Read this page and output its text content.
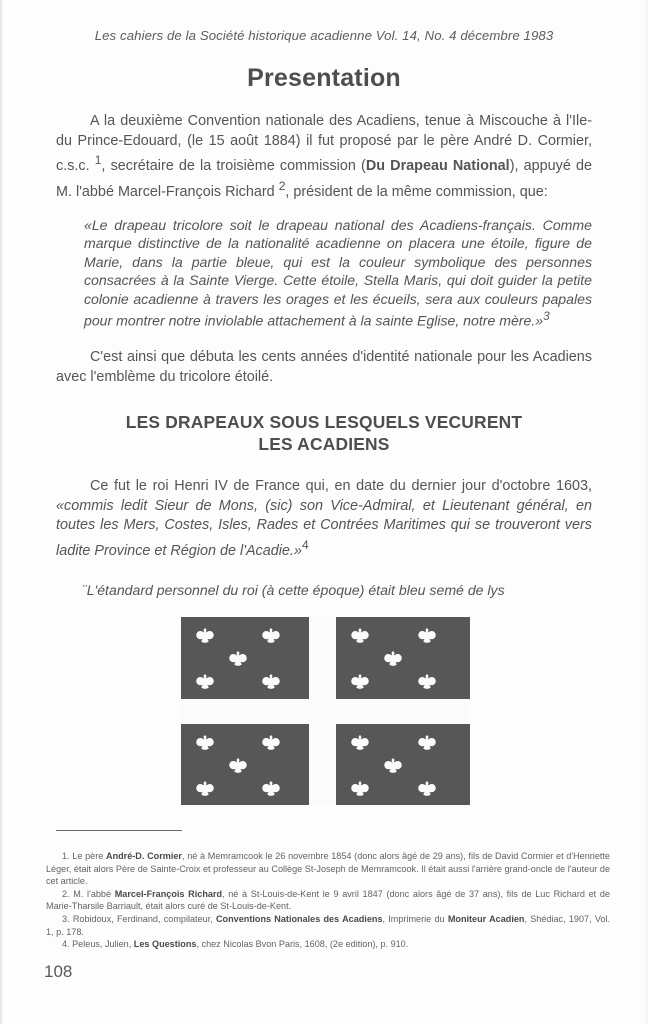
Les cahiers de la Société historique acadienne Vol. 14, No. 4 décembre 1983
Presentation

A la deuxième Convention nationale des Acadiens, tenue à Miscouche à l'Ile-du Prince-Edouard, (le 15 août 1884) il fut proposé par le père André D. Cormier, c.s.c. $^1$, secrétaire de la troisième commission (Du Drapeau National), appuyé de M. l'abbé Marcel-François Richard $^2$, président de la même commission, que:

«Le drapeau tricolore soit le drapeau national des Acadiens-français. Comme marque distinctive de la nationalité acadienne on placera une étoile, figure de Marie, dans la partie bleue, qui est la couleur symbolique des personnes consacrées à la Sainte Vierge. Cette étoile, Stella Maris, qui doit guider la petite colonie acadienne à travers les orages et les écueils, sera aux couleurs papales pour montrer notre inviolable attachement à la sainte Eglise, notre mère.»$^3$

C'est ainsi que débuta les cents années d'identité nationale pour les Acadiens avec l'emblème du tricolore étoilé.

LES DRAPEAUX SOUS LESQUELS VECURENT
LES ACADIENS

Ce fut le roi Henri IV de France qui, en date du dernier jour d'octobre 1603, «commis ledit Sieur de Mons, (sic) son Vice-Admiral, et Lieutenant général, en toutes les Mers, Costes, Isles, Rades et Contrées Maritimes qui se trouveront vers ladite Province et Région de l'Acadie.»$^4$

¨L'étandard personnel du roi (à cette époque) était bleu semé de lys

1. Le père André-D. Cormier, né à Memramcook le 26 novembre 1854 (donc alors âgé de 29 ans), fils de David Cormier et d'Henriette Léger, était alors Père de Sainte-Croix et professeur au Collège St-Joseph de Memramcook. Il était aussi l'arrière grand-oncle de l'auteur de cet article.

2. M. l'abbé Marcel-François Richard, né à St-Louis-de-Kent le 9 avril 1847 (donc alors âgé de 37 ans), fils de Luc Richard et de Marie-Tharsile Barriault, était alors curé de St-Louis-de-Kent.

3. Robidoux, Ferdinand, compilateur, Conventions Nationales des Acadiens, Imprimerie du Moniteur Acadien, Shédiac, 1907, Vol. 1, p. 178.

4. Peleus, Julien, Les Questions, chez Nicolas Bvon Paris, 1608, (2e edition), p. 910.

108
